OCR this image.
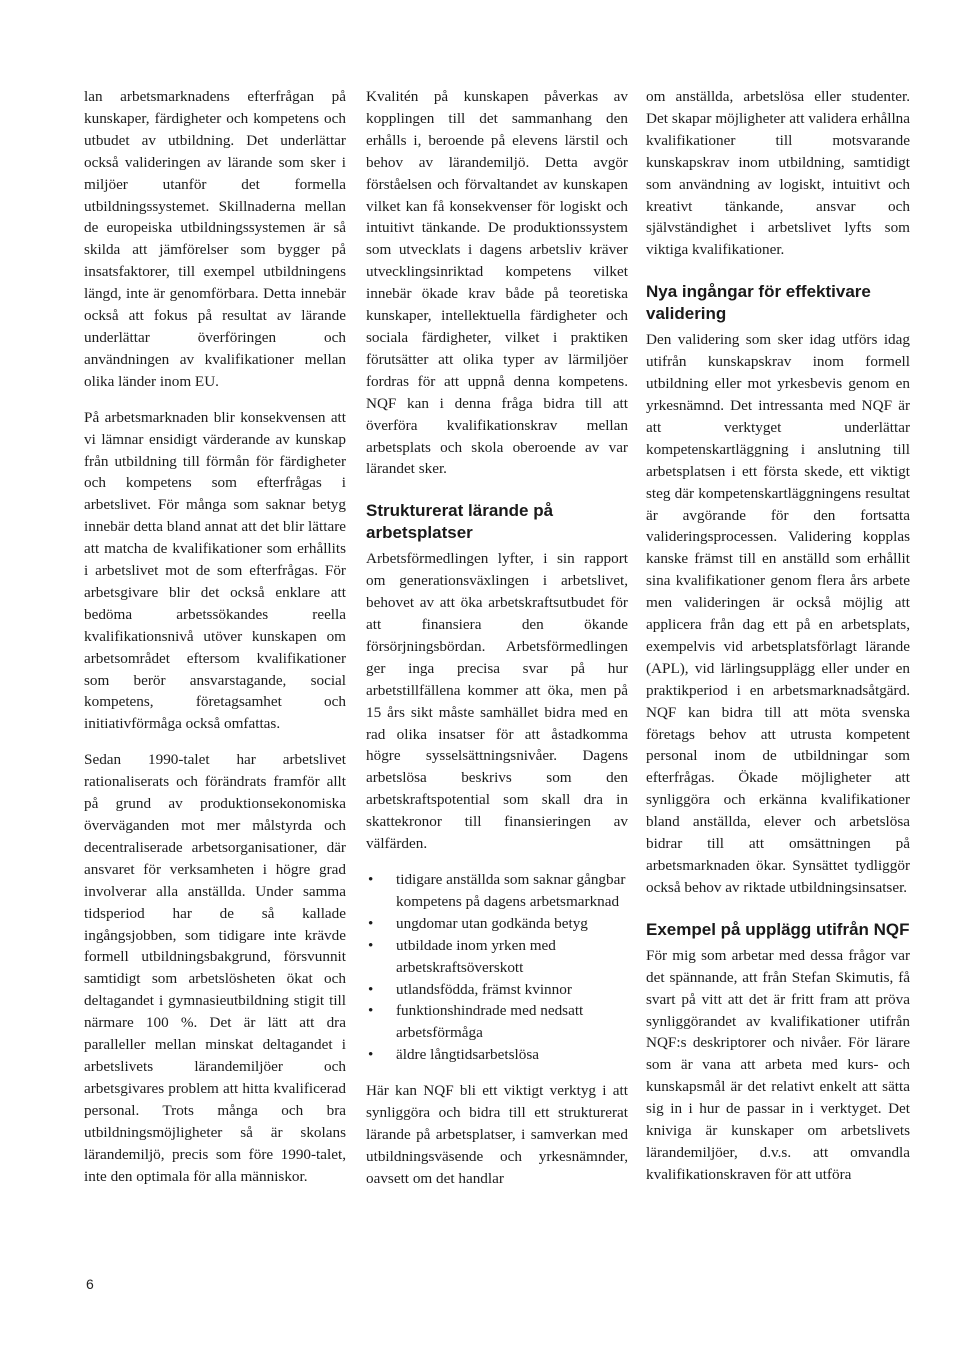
lan arbetsmarknadens efterfrågan på kunskaper, färdigheter och kompetens och utbudet av utbildning. Det underlättar också valideringen av lärande som sker i miljöer utanför det formella utbildningssystemet. Skillnaderna mellan de europeiska utbildningssystemen är så skilda att jämförelser som bygger på insatsfaktorer, till exempel utbildningens längd, inte är genomförbara. Detta innebär också att fokus på resultat av lärande underlättar överföringen och användningen av kvalifikationer mellan olika länder inom EU.

På arbetsmarknaden blir konsekvensen att vi lämnar ensidigt värderande av kunskap från utbildning till förmån för färdigheter och kompetens som efterfrågas i arbetslivet. För många som saknar betyg innebär detta bland annat att det blir lättare att matcha de kvalifikationer som erhållits i arbetslivet mot de som efterfrågas. För arbetsgivare blir det också enklare att bedöma arbetssökandes reella kvalifikationsnivå utöver kunskapen om arbetsområdet eftersom kvalifikationer som berör ansvarstagande, social kompetens, företagsamhet och initiativförmåga också omfattas.

Sedan 1990-talet har arbetslivet rationaliserats och förändrats framför allt på grund av produktionsekonomiska överväganden mot mer målstyrda och decentraliserade arbetsorganisationer, där ansvaret för verksamheten i högre grad involverar alla anställda. Under samma tidsperiod har de så kallade ingångsjobben, som tidigare inte krävde formell utbildningsbakgrund, försvunnit samtidigt som arbetslösheten ökat och deltagandet i gymnasieutbildning stigit till närmare 100 %. Det är lätt att dra paralleller mellan minskat deltagandet i arbetslivets lärandemiljöer och arbetsgivares problem att hitta kvalificerad personal. Trots många och bra utbildningsmöjligheter så är skolans lärandemiljö, precis som före 1990-talet, inte den optimala för alla människor.

Kvalitén på kunskapen påverkas av kopplingen till det sammanhang den erhålls i, beroende på elevens lärstil och behov av lärandemiljö. Detta avgör förståelsen och förvaltandet av kunskapen vilket kan få konsekvenser för logiskt och intuitivt tänkande. De produktionssystem som utvecklats i dagens arbetsliv kräver utvecklingsinriktad kompetens vilket innebär ökade krav både på teoretiska kunskaper, intellektuella färdigheter och sociala färdigheter, vilket i praktiken förutsätter att olika typer av lärmiljöer fordras för att uppnå denna kompetens. NQF kan i denna fråga bidra till att överföra kvalifikationskrav mellan arbetsplats och skola oberoende av var lärandet sker.

Strukturerat lärande på arbetsplatser

Arbetsförmedlingen lyfter, i sin rapport om generationsväxlingen i arbetslivet, behovet av att öka arbetskraftsutbudet för att finansiera den ökande försörjningsbördan. Arbetsförmedlingen ger inga precisa svar på hur arbetstillfällena kommer att öka, men på 15 års sikt måste samhället bidra med en rad olika insatser för att åstadkomma högre sysselsättningsnivåer. Dagens arbetslösa beskrivs som den arbetskraftspotential som skall dra in skattekronor till finansieringen av välfärden.

• tidigare anställda som saknar gångbar kompetens på dagens arbetsmarknad
• ungdomar utan godkända betyg
• utbildade inom yrken med arbetskraftsöverskott
• utlandsfödda, främst kvinnor
• funktionshindrade med nedsatt arbetsförmåga
• äldre långtidsarbetslösa

Här kan NQF bli ett viktigt verktyg i att synliggöra och bidra till ett strukturerat lärande på arbetsplatser, i samverkan med utbildningsväsende och yrkesnämnder, oavsett om det handlar

om anställda, arbetslösa eller studenter. Det skapar möjligheter att validera erhållna kvalifikationer till motsvarande kunskapskrav inom utbildning, samtidigt som användning av logiskt, intuitivt och kreativt tänkande, ansvar och självständighet i arbetslivet lyfts som viktiga kvalifikationer.

Nya ingångar för effektivare validering

Den validering som sker idag utförs idag utifrån kunskapskrav inom formell utbildning eller mot yrkesbevis genom en yrkesnämnd. Det intressanta med NQF är att verktyget underlättar kompetenskartläggning i anslutning till arbetsplatsen i ett första skede, ett viktigt steg där kompetenskartläggningens resultat är avgörande för den fortsatta valideringsprocessen. Validering kopplas kanske främst till en anställd som erhållit sina kvalifikationer genom flera års arbete men valideringen är också möjlig att applicera från dag ett på en arbetsplats, exempelvis vid arbetsplatsförlagt lärande (APL), vid lärlingsupplägg eller under en praktikperiod i en arbetsmarknadsåtgärd. NQF kan bidra till att möta svenska företags behov att utrusta kompetent personal inom de utbildningar som efterfrågas. Ökade möjligheter att synliggöra och erkänna kvalifikationer bland anställda, elever och arbetslösa bidrar till att omsättningen på arbetsmarknaden ökar. Synsättet tydliggör också behov av riktade utbildningsinsatser.

Exempel på upplägg utifrån NQF

För mig som arbetar med dessa frågor var det spännande, att från Stefan Skimutis, få svart på vitt att det är fritt fram att pröva synliggörandet av kvalifikationer utifrån NQF:s deskriptorer och nivåer. För lärare som är vana att arbeta med kurs- och kunskapsmål är det relativt enkelt att sätta sig in i hur de passar in i verktyget. Det kniviga är kunskaper om arbetslivets lärandemiljöer, d.v.s. att omvandla kvalifikationskraven för att utföra

6
